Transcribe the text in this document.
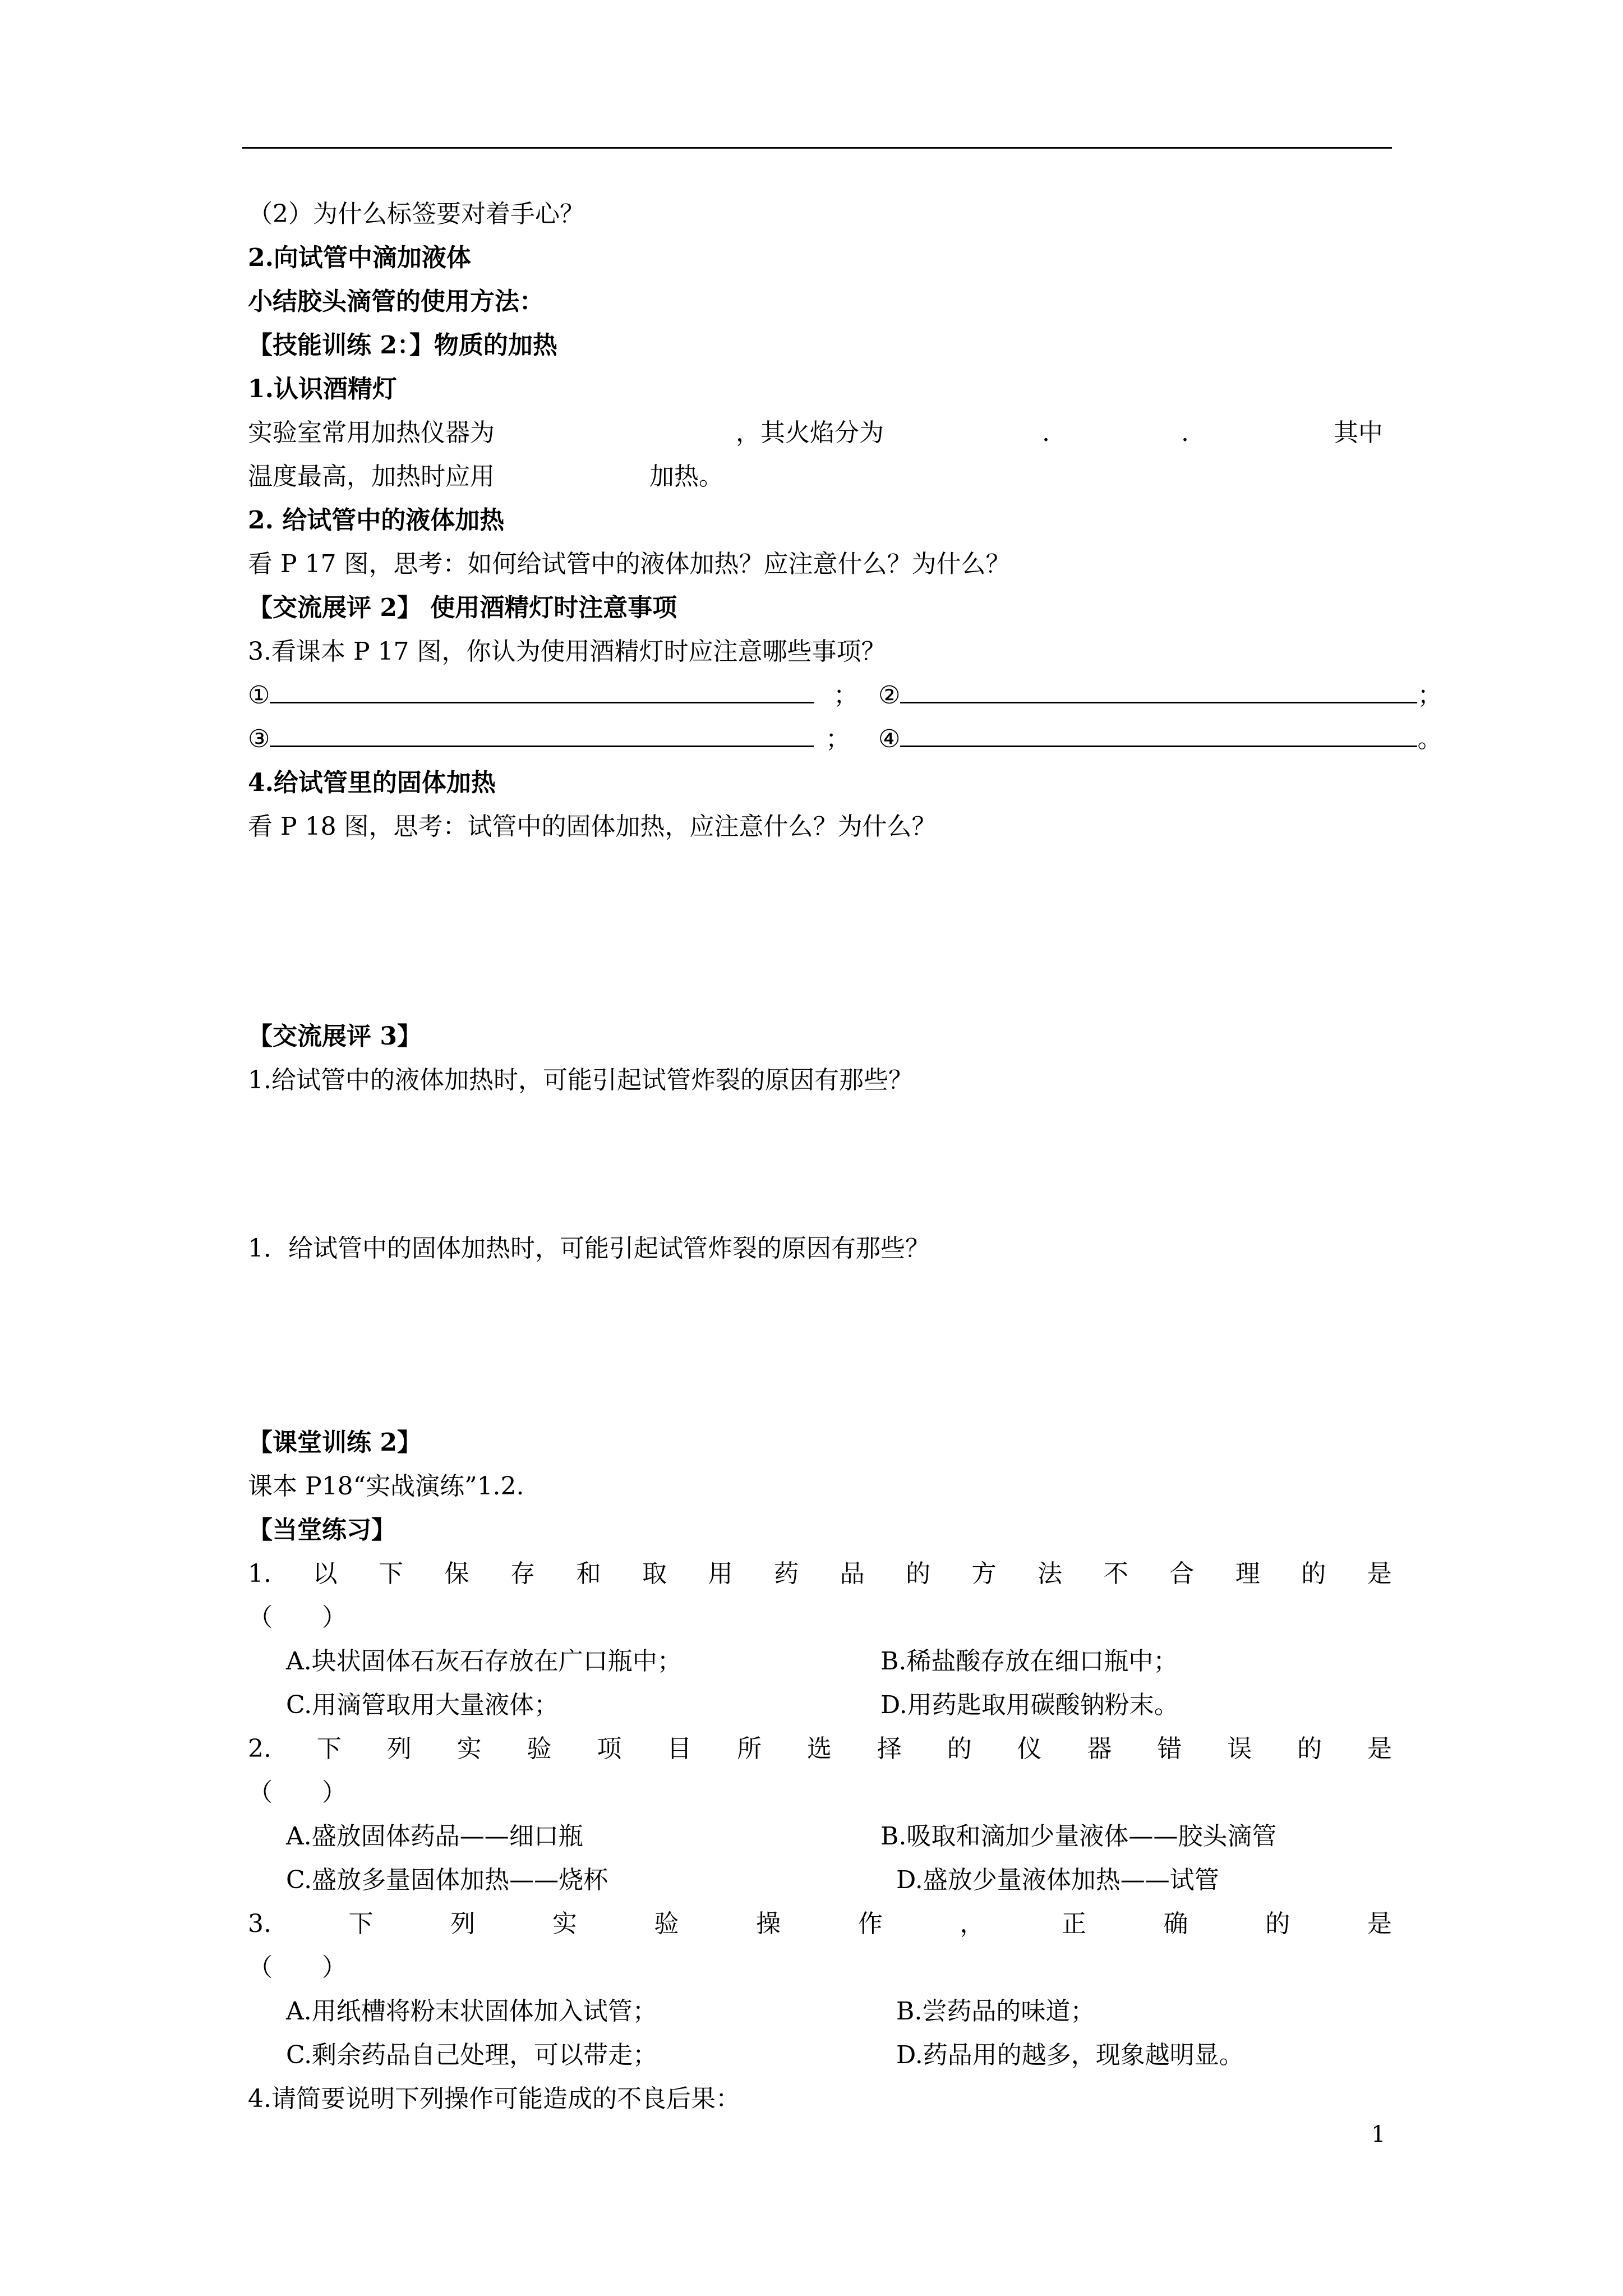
（2）为什么标签要对着手心？
2.向试管中滴加液体
小结胶头滴管的使用方法：
【技能训练 2：】物质的加热
1.认识酒精灯
实验室常用加热仪器为	，其火焰分为	.	.	其中
温度最高，加热时应用	加热。
2. 给试管中的液体加热
看 P 17 图，思考：如何给试管中的液体加热？应注意什么？为什么？
【交流展评 2】 使用酒精灯时注意事项
3.看课本 P 17 图，你认为使用酒精灯时应注意哪些事项？
①	； ②	；
③	； ④	。
4.给试管里的固体加热
看 P 18 图，思考：试管中的固体加热，应注意什么？为什么？
【交流展评 3】
1.给试管中的液体加热时，可能引起试管炸裂的原因有那些？
1．给试管中的固体加热时，可能引起试管炸裂的原因有那些？
【课堂训练 2】
课本 P18“实战演练”1.2.
【当堂练习】
1. 以 下 保 存 和 取 用 药 品 的 方 法 不 合 理 的 是
（　　）
A.块状固体石灰石存放在广口瓶中；	B.稀盐酸存放在细口瓶中；
C.用滴管取用大量液体；	D.用药匙取用碳酸钠粉末。
2. 下 列 实 验 项 目 所 选 择 的 仪 器 错 误 的 是
（　　）
A.盛放固体药品——细口瓶	B.吸取和滴加少量液体——胶头滴管
C.盛放多量固体加热——烧杯	D.盛放少量液体加热——试管
3.	下	列	实	验	操	作	，	正	确	的	是
（　　）
A.用纸槽将粉末状固体加入试管；	B.尝药品的味道；
C.剩余药品自己处理，可以带走；	D.药品用的越多，现象越明显。
4.请简要说明下列操作可能造成的不良后果：
1
